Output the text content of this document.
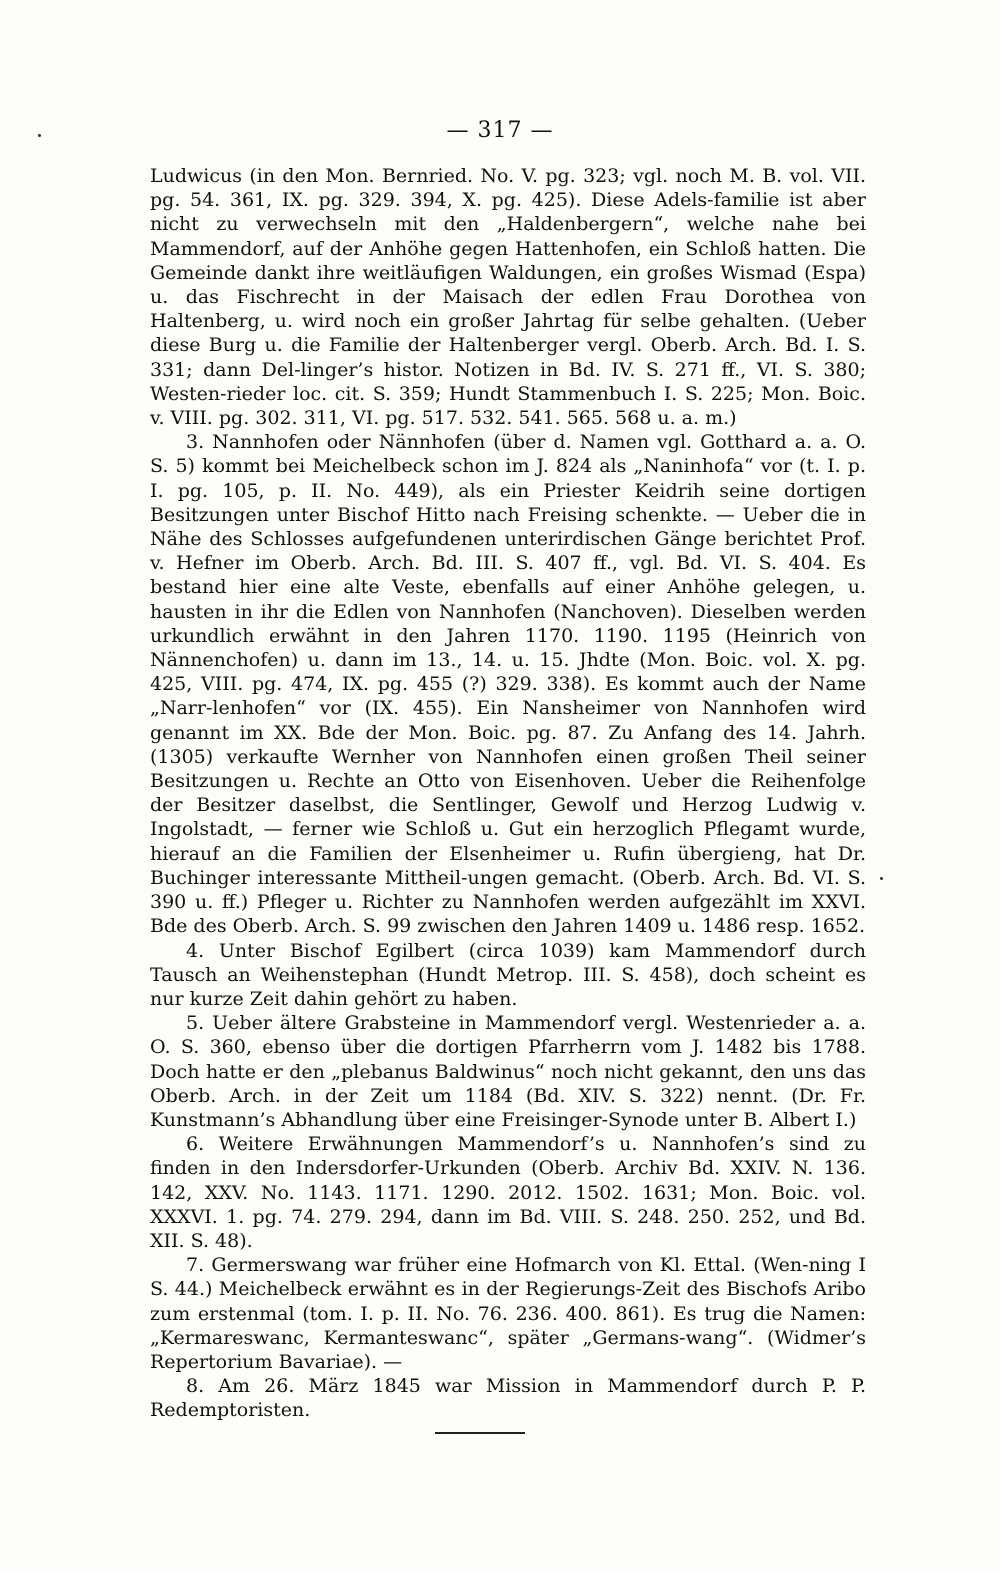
— 317 —

Ludwicus (in den Mon. Bernried. No. V. pg. 323; vgl. noch M. B. vol. VII. pg. 54. 361, IX. pg. 329. 394, X. pg. 425). Diese Adels-familie ist aber nicht zu verwechseln mit den „Haldenbergern“, welche nahe bei Mammendorf, auf der Anhöhe gegen Hattenhofen, ein Schloß hatten. Die Gemeinde dankt ihre weitläufigen Waldungen, ein großes Wismad (Espa) u. das Fischrecht in der Maisach der edlen Frau Dorothea von Haltenberg, u. wird noch ein großer Jahrtag für selbe gehalten. (Ueber diese Burg u. die Familie der Haltenberger vergl. Oberb. Arch. Bd. I. S. 331; dann Del-linger’s histor. Notizen in Bd. IV. S. 271 ff., VI. S. 380; Westen-rieder loc. cit. S. 359; Hundt Stammenbuch I. S. 225; Mon. Boic. v. VIII. pg. 302. 311, VI. pg. 517. 532. 541. 565. 568 u. a. m.)

3. Nannhofen oder Nännhofen (über d. Namen vgl. Gotthard a. a. O. S. 5) kommt bei Meichelbeck schon im J. 824 als „Naninhofa“ vor (t. I. p. I. pg. 105, p. II. No. 449), als ein Priester Keidrih seine dortigen Besitzungen unter Bischof Hitto nach Freising schenkte. — Ueber die in Nähe des Schlosses aufgefundenen unterirdischen Gänge berichtet Prof. v. Hefner im Oberb. Arch. Bd. III. S. 407 ff., vgl. Bd. VI. S. 404. Es bestand hier eine alte Veste, ebenfalls auf einer Anhöhe gelegen, u. hausten in ihr die Edlen von Nannhofen (Nanchoven). Dieselben werden urkundlich erwähnt in den Jahren 1170. 1190. 1195 (Heinrich von Nännenchofen) u. dann im 13., 14. u. 15. Jhdte (Mon. Boic. vol. X. pg. 425, VIII. pg. 474, IX. pg. 455 (?) 329. 338). Es kommt auch der Name „Narr-lenhofen“ vor (IX. 455). Ein Nansheimer von Nannhofen wird genannt im XX. Bde der Mon. Boic. pg. 87. Zu Anfang des 14. Jahrh. (1305) verkaufte Wernher von Nannhofen einen großen Theil seiner Besitzungen u. Rechte an Otto von Eisenhoven. Ueber die Reihenfolge der Besitzer daselbst, die Sentlinger, Gewolf und Herzog Ludwig v. Ingolstadt, — ferner wie Schloß u. Gut ein herzoglich Pflegamt wurde, hierauf an die Familien der Elsenheimer u. Rufin übergieng, hat Dr. Buchinger interessante Mittheil-ungen gemacht. (Oberb. Arch. Bd. VI. S. 390 u. ff.) Pfleger u. Richter zu Nannhofen werden aufgezählt im XXVI. Bde des Oberb. Arch. S. 99 zwischen den Jahren 1409 u. 1486 resp. 1652.

4. Unter Bischof Egilbert (circa 1039) kam Mammendorf durch Tausch an Weihenstephan (Hundt Metrop. III. S. 458), doch scheint es nur kurze Zeit dahin gehört zu haben.

5. Ueber ältere Grabsteine in Mammendorf vergl. Westenrieder a. a. O. S. 360, ebenso über die dortigen Pfarrherrn vom J. 1482 bis 1788. Doch hatte er den „plebanus Baldwinus“ noch nicht gekannt, den uns das Oberb. Arch. in der Zeit um 1184 (Bd. XIV. S. 322) nennt. (Dr. Fr. Kunstmann’s Abhandlung über eine Freisinger-Synode unter B. Albert I.)

6. Weitere Erwähnungen Mammendorf’s u. Nannhofen’s sind zu finden in den Indersdorfer-Urkunden (Oberb. Archiv Bd. XXIV. N. 136. 142, XXV. No. 1143. 1171. 1290. 2012. 1502. 1631; Mon. Boic. vol. XXXVI. 1. pg. 74. 279. 294, dann im Bd. VIII. S. 248. 250. 252, und Bd. XII. S. 48).

7. Germerswang war früher eine Hofmarch von Kl. Ettal. (Wen-ning I S. 44.) Meichelbeck erwähnt es in der Regierungs-Zeit des Bischofs Aribo zum erstenmal (tom. I. p. II. No. 76. 236. 400. 861). Es trug die Namen: „Kermareswanc, Kermanteswanc“, später „Germans-wang“. (Widmer’s Repertorium Bavariae). —

8. Am 26. März 1845 war Mission in Mammendorf durch P. P. Redemptoristen.
